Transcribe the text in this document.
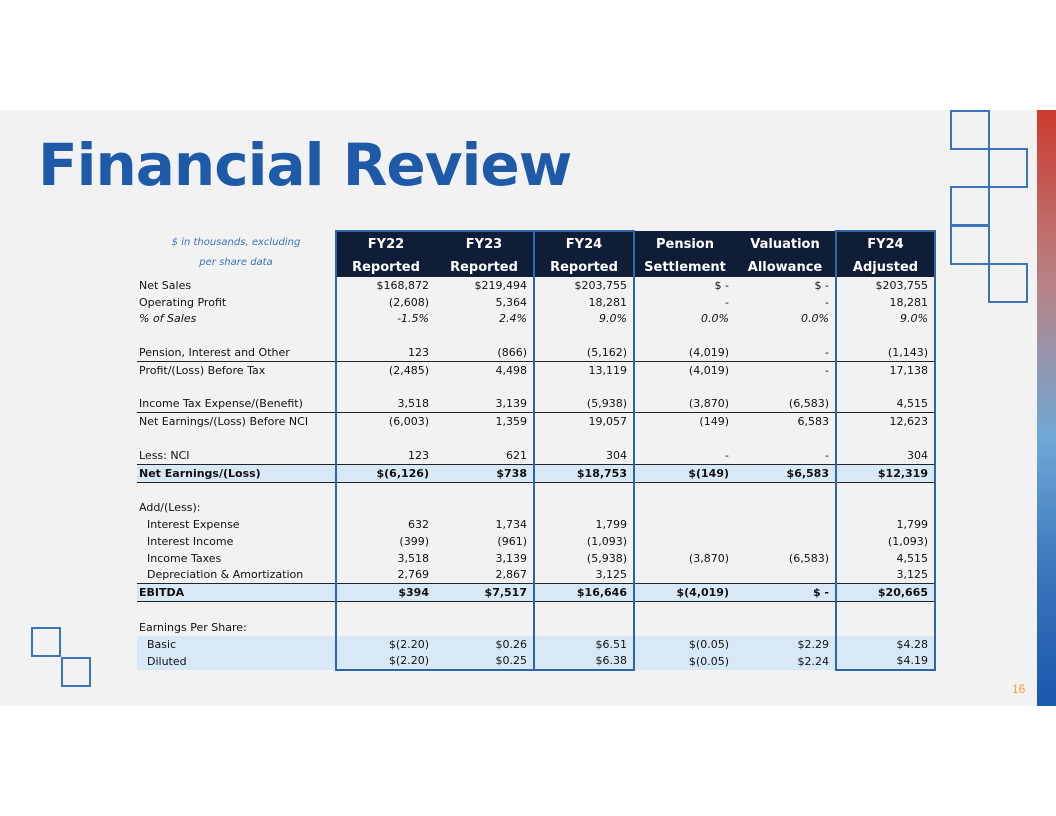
Financial Review
$ in thousands, excluding	FY22	FY23	FY24	Pension	Valuation	FY24
per share data	Reported	Reported	Reported	Settlement	Allowance	Adjusted
Net Sales	$168,872	$219,494	$203,755	$ -	$ -	$203,755
Operating Profit	(2,608)	5,364	18,281	-	-	18,281
% of Sales	-1.5%	2.4%	9.0%	0.0%	0.0%	9.0%

Pension, Interest and Other	123	(866)	(5,162)	(4,019)	-	(1,143)
Profit/(Loss) Before Tax	(2,485)	4,498	13,119	(4,019)	-	17,138

Income Tax Expense/(Benefit)	3,518	3,139	(5,938)	(3,870)	(6,583)	4,515
Net Earnings/(Loss) Before NCI	(6,003)	1,359	19,057	(149)	6,583	12,623

Less: NCI	123	621	304	-	-	304
Net Earnings/(Loss)	$(6,126)	$738	$18,753	$(149)	$6,583	$12,319

Add/(Less):						
Interest Expense	632	1,734	1,799			1,799
Interest Income	(399)	(961)	(1,093)			(1,093)
Income Taxes	3,518	3,139	(5,938)	(3,870)	(6,583)	4,515
Depreciation & Amortization	2,769	2,867	3,125			3,125
EBITDA	$394	$7,517	$16,646	$(4,019)	$ -	$20,665

Earnings Per Share:						
Basic	$(2.20)	$0.26	$6.51	$(0.05)	$2.29	$4.28
Diluted	$(2.20)	$0.25	$6.38	$(0.05)	$2.24	$4.19
16
